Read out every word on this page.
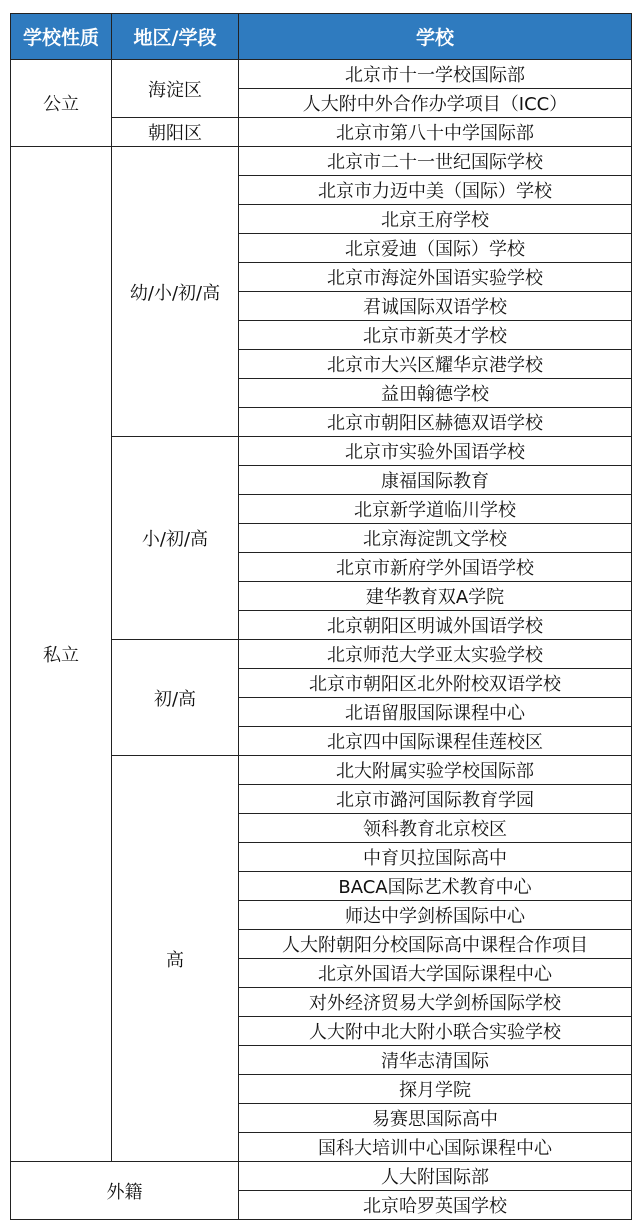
学校性质	地区/学段	学校
公立	海淀区	北京市十一学校国际部
		人大附中外合作办学项目（ICC）
	朝阳区	北京市第八十中学国际部
私立	幼/小/初/高	北京市二十一世纪国际学校
		北京市力迈中美（国际）学校
		北京王府学校
		北京爱迪（国际）学校
		北京市海淀外国语实验学校
		君诚国际双语学校
		北京市新英才学校
		北京市大兴区耀华京港学校
		益田翰德学校
		北京市朝阳区赫德双语学校
	小/初/高	北京市实验外国语学校
		康福国际教育
		北京新学道临川学校
		北京海淀凯文学校
		北京市新府学外国语学校
		建华教育双A学院
		北京朝阳区明诚外国语学校
	初/高	北京师范大学亚太实验学校
		北京市朝阳区北外附校双语学校
		北语留服国际课程中心
		北京四中国际课程佳莲校区
	高	北大附属实验学校国际部
		北京市潞河国际教育学园
		领科教育北京校区
		中育贝拉国际高中
		BACA国际艺术教育中心
		师达中学剑桥国际中心
		人大附朝阳分校国际高中课程合作项目
		北京外国语大学国际课程中心
		对外经济贸易大学剑桥国际学校
		人大附中北大附小联合实验学校
		清华志清国际
		探月学院
		易赛思国际高中
		国科大培训中心国际课程中心
外籍		人大附国际部
		北京哈罗英国学校
